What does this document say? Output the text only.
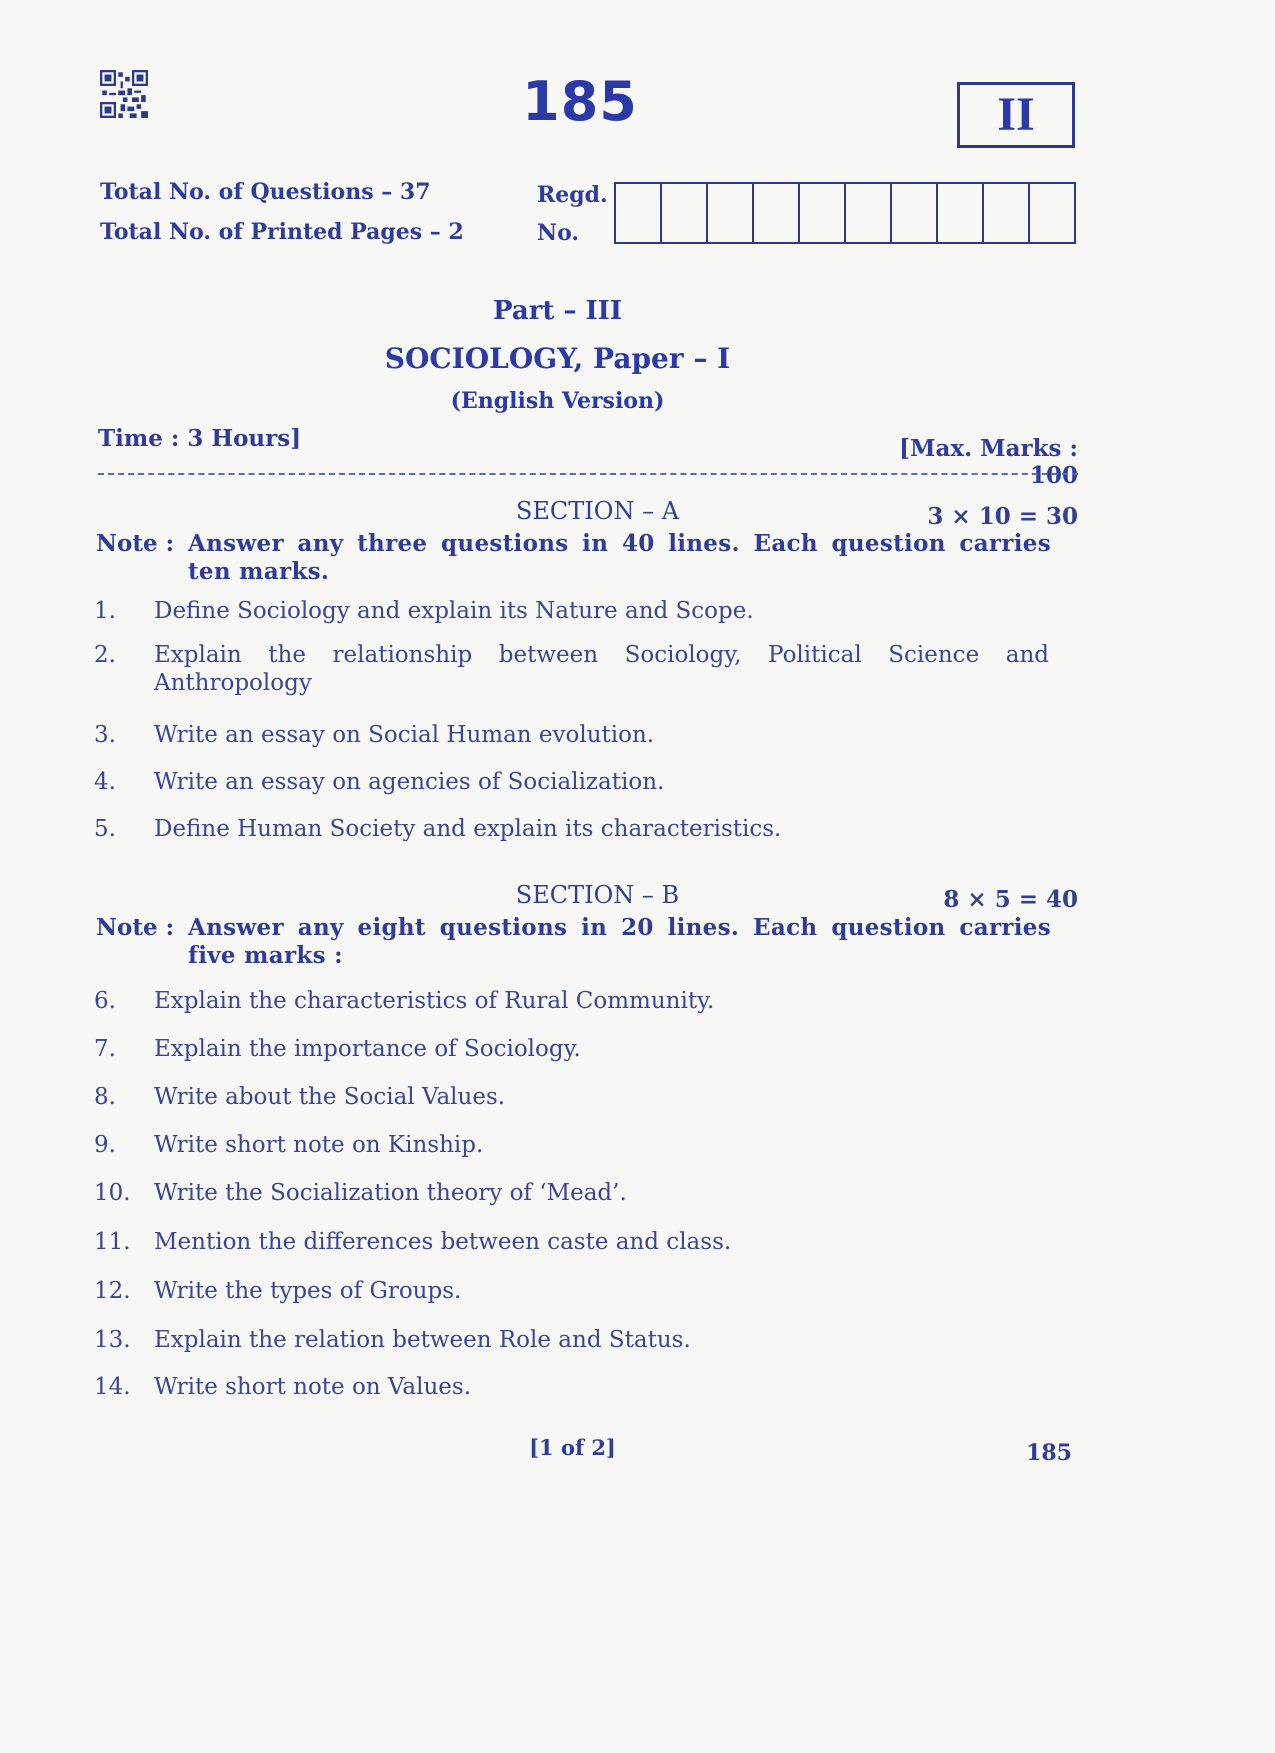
185	II
Total No. of Questions – 37
Total No. of Printed Pages – 2
Regd.
No.
Part – III
SOCIOLOGY, Paper – I
(English Version)
Time : 3 Hours]	[Max. Marks : 100
SECTION – A	3 × 10 = 30
Note : Answer any three questions in 40 lines. Each question carries ten marks.
1.	Define Sociology and explain its Nature and Scope.
2.	Explain the relationship between Sociology, Political Science and Anthropology
3.	Write an essay on Social Human evolution.
4.	Write an essay on agencies of Socialization.
5.	Define Human Society and explain its characteristics.
SECTION – B	8 × 5 = 40
Note : Answer any eight questions in 20 lines. Each question carries five marks :
6.	Explain the characteristics of Rural Community.
7.	Explain the importance of Sociology.
8.	Write about the Social Values.
9.	Write short note on Kinship.
10.	Write the Socialization theory of ‘Mead’.
11.	Mention the differences between caste and class.
12.	Write the types of Groups.
13.	Explain the relation between Role and Status.
14.	Write short note on Values.
[1 of 2]	185
